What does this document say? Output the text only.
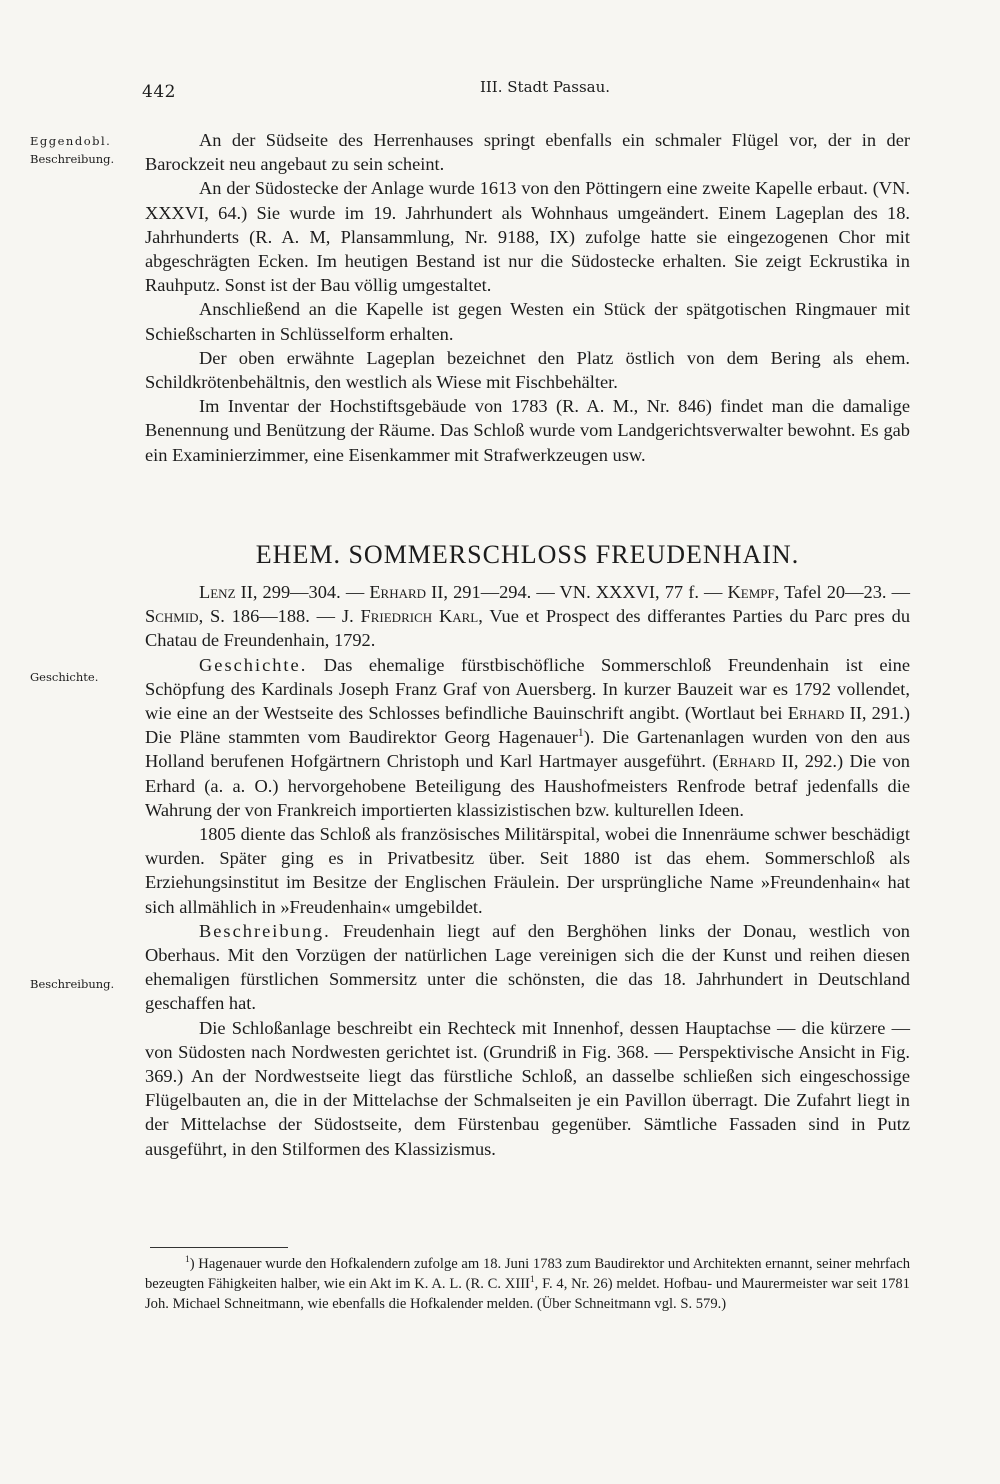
442	III. Stadt Passau.
Eggendobl.
Beschreibung.
Geschichte.
Beschreibung.

An der Südseite des Herrenhauses springt ebenfalls ein schmaler Flügel vor, der in der Barockzeit neu angebaut zu sein scheint.

An der Südostecke der Anlage wurde 1613 von den Pöttingern eine zweite Kapelle erbaut. (VN. XXXVI, 64.) Sie wurde im 19. Jahrhundert als Wohnhaus umgeändert. Einem Lageplan des 18. Jahrhunderts (R. A. M, Plansammlung, Nr. 9188, IX) zufolge hatte sie eingezogenen Chor mit abgeschrägten Ecken. Im heutigen Bestand ist nur die Südostecke erhalten. Sie zeigt Eckrustika in Rauhputz. Sonst ist der Bau völlig umgestaltet.

Anschließend an die Kapelle ist gegen Westen ein Stück der spätgotischen Ringmauer mit Schießscharten in Schlüsselform erhalten.

Der oben erwähnte Lageplan bezeichnet den Platz östlich von dem Bering als ehem. Schildkrötenbehältnis, den westlich als Wiese mit Fischbehälter.

Im Inventar der Hochstiftsgebäude von 1783 (R. A. M., Nr. 846) findet man die damalige Benennung und Benützung der Räume. Das Schloß wurde vom Landgerichtsverwalter bewohnt. Es gab ein Examinierzimmer, eine Eisenkammer mit Strafwerkzeugen usw.

EHEM. SOMMERSCHLOSS FREUDENHAIN.

Lenz II, 299—304. — Erhard II, 291—294. — VN. XXXVI, 77 f. — Kempf, Tafel 20—23. — Schmid, S. 186—188. — J. Friedrich Karl, Vue et Prospect des differantes Parties du Parc pres du Chatau de Freundenhain, 1792.

Geschichte. Das ehemalige fürstbischöfliche Sommerschloß Freundenhain ist eine Schöpfung des Kardinals Joseph Franz Graf von Auersberg. In kurzer Bauzeit war es 1792 vollendet, wie eine an der Westseite des Schlosses befindliche Bauinschrift angibt. (Wortlaut bei Erhard II, 291.) Die Pläne stammten vom Baudirektor Georg Hagenauer$^1$). Die Gartenanlagen wurden von den aus Holland berufenen Hofgärtnern Christoph und Karl Hartmayer ausgeführt. (Erhard II, 292.) Die von Erhard (a. a. O.) hervorgehobene Beteiligung des Haushofmeisters Renfrode betraf jedenfalls die Wahrung der von Frankreich importierten klassizistischen bzw. kulturellen Ideen.

1805 diente das Schloß als französisches Militärspital, wobei die Innenräume schwer beschädigt wurden. Später ging es in Privatbesitz über. Seit 1880 ist das ehem. Sommerschloß als Erziehungsinstitut im Besitze der Englischen Fräulein. Der ursprüngliche Name »Freundenhain« hat sich allmählich in »Freudenhain« umgebildet.

Beschreibung. Freudenhain liegt auf den Berghöhen links der Donau, westlich von Oberhaus. Mit den Vorzügen der natürlichen Lage vereinigen sich die der Kunst und reihen diesen ehemaligen fürstlichen Sommersitz unter die schönsten, die das 18. Jahrhundert in Deutschland geschaffen hat.

Die Schloßanlage beschreibt ein Rechteck mit Innenhof, dessen Hauptachse — die kürzere — von Südosten nach Nordwesten gerichtet ist. (Grundriß in Fig. 368. — Perspektivische Ansicht in Fig. 369.) An der Nordwestseite liegt das fürstliche Schloß, an dasselbe schließen sich eingeschossige Flügelbauten an, die in der Mittelachse der Schmalseiten je ein Pavillon überragt. Die Zufahrt liegt in der Mittelachse der Südostseite, dem Fürstenbau gegenüber. Sämtliche Fassaden sind in Putz ausgeführt, in den Stilformen des Klassizismus.

$^1$) Hagenauer wurde den Hofkalendern zufolge am 18. Juni 1783 zum Baudirektor und Architekten ernannt, seiner mehrfach bezeugten Fähigkeiten halber, wie ein Akt im K. A. L. (R. C. XIII$^1$, F. 4, Nr. 26) meldet. Hofbau- und Maurermeister war seit 1781 Joh. Michael Schneitmann, wie ebenfalls die Hofkalender melden. (Über Schneitmann vgl. S. 579.)
